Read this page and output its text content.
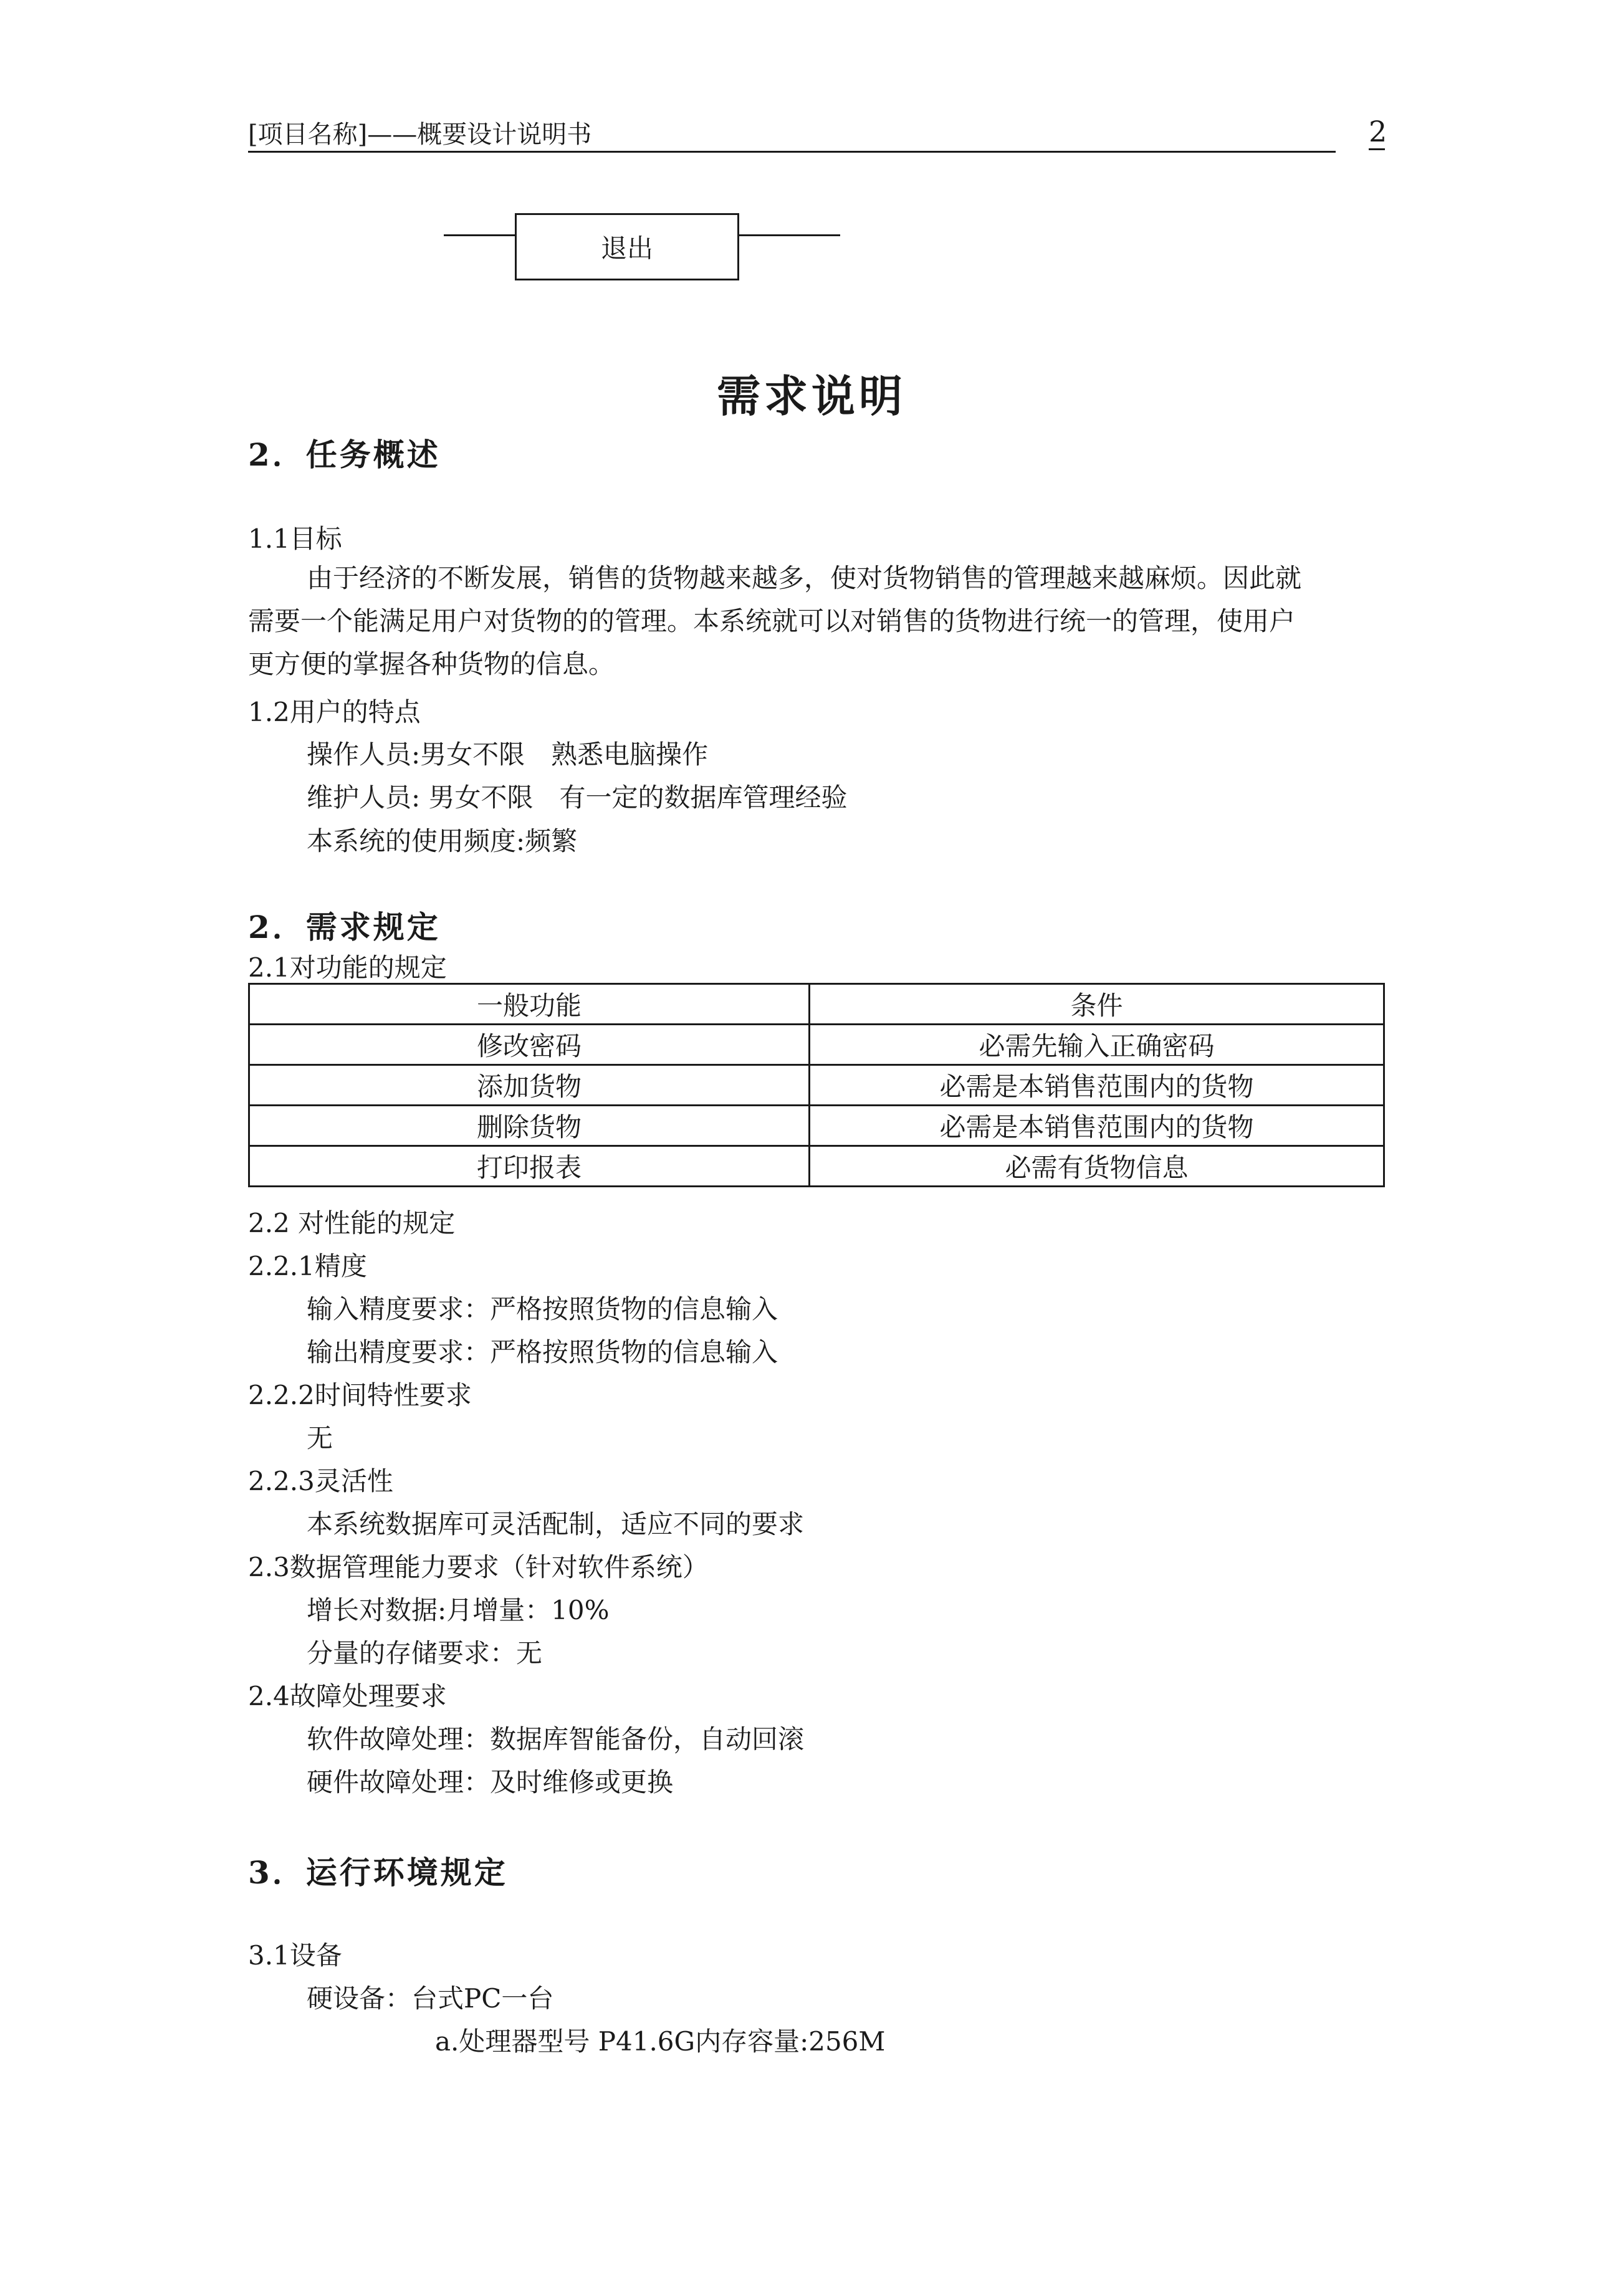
[项目名称]——概要设计说明书	2
退出
需求说明
2．任务概述
1.1目标
由于经济的不断发展，销售的货物越来越多，使对货物销售的管理越来越麻烦。因此就
需要一个能满足用户对货物的的管理。本系统就可以对销售的货物进行统一的管理，使用户
更方便的掌握各种货物的信息。
1.2用户的特点
操作人员:男女不限　熟悉电脑操作
维护人员: 男女不限　有一定的数据库管理经验
本系统的使用频度:频繁
2．需求规定
2.1对功能的规定
一般功能	条件
修改密码	必需先输入正确密码
添加货物	必需是本销售范围内的货物
删除货物	必需是本销售范围内的货物
打印报表	必需有货物信息
2.2 对性能的规定
2.2.1精度
输入精度要求：严格按照货物的信息输入
输出精度要求：严格按照货物的信息输入
2.2.2时间特性要求
无
2.2.3灵活性
本系统数据库可灵活配制，适应不同的要求
2.3数据管理能力要求（针对软件系统）
增长对数据:月增量：10%
分量的存储要求：无
2.4故障处理要求
软件故障处理：数据库智能备份，自动回滚
硬件故障处理：及时维修或更换
3．运行环境规定
3.1设备
硬设备：台式PC一台
a.处理器型号 P41.6G内存容量:256M
